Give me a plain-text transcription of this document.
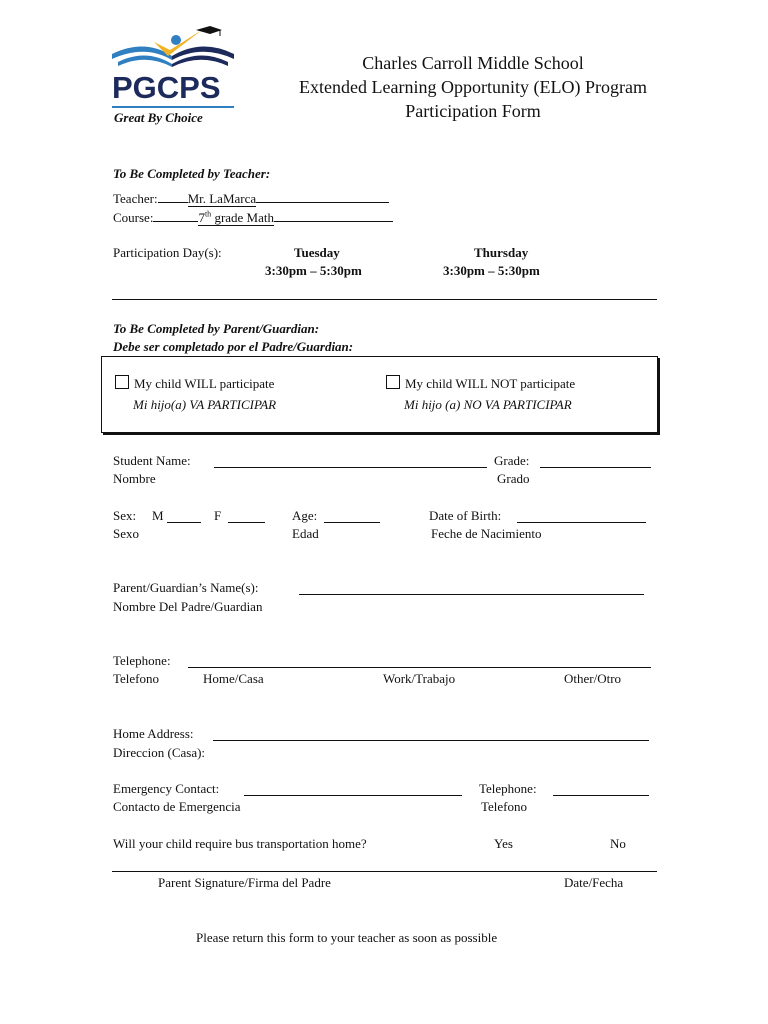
PGCPS
Great By Choice
Charles Carroll Middle School
Extended Learning Opportunity (ELO) Program
Participation Form
To Be Completed by Teacher:
Teacher: Mr. LaMarca
Course:	7th grade Math
Participation Day(s):	Tuesday
3:30pm – 5:30pm
Thursday
3:30pm – 5:30pm
To Be Completed by Parent/Guardian:
Debe ser completado por el Padre/Guardian:
My child WILL participate
Mi hijo(a) VA PARTICIPAR
My child WILL NOT participate
Mi hijo (a) NO VA PARTICIPAR
Student Name:	Grade:
Nombre	Grado
Sex: M	F	Age:	Date of Birth:
Sexo	Edad	Feche de Nacimiento
Parent/Guardian’s Name(s):
Nombre Del Padre/Guardian
Telephone:
Telefono	Home/Casa	Work/Trabajo	Other/Otro
Home Address:
Direccion (Casa):
Emergency Contact:	Telephone:
Contacto de Emergencia	Telefono
Will your child require bus transportation home?	Yes	No
Parent Signature/Firma del Padre	Date/Fecha
Please return this form to your teacher as soon as possible
